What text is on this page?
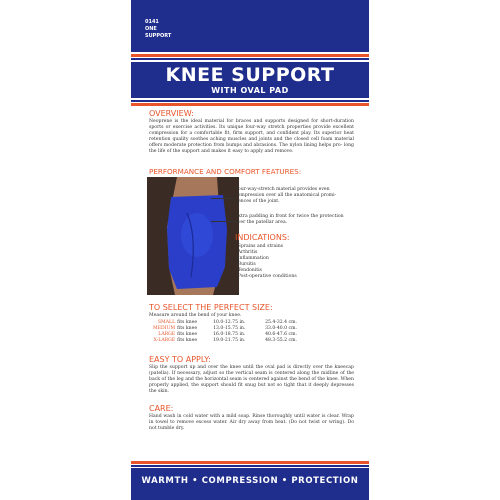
0141
ONE
SUPPORT
KNEE SUPPORT
WITH OVAL PAD
OVERVIEW:
Neoprene is the ideal material for braces and supports designed for short-duration sports or exercise activities. Its unique four-way stretch properties provide excellent compression for a comfortable fit, firm support, and confident play. Its superior heat retention quality soothes aching muscles and joints and the closed cell foam material offers moderate protection from bumps and abrasions. The nylon lining helps pro- long the life of the support and makes it easy to apply and remove.
PERFORMANCE AND COMFORT FEATURES:
Four-way-stretch material provides even compression over all the anatomical promi- nences of the joint.
Extra padding in front for twice the protection over the patellar area.
INDICATIONS:
• Sprains and strains
• Arthritis
• Inflammation
• Bursitis
• Tendonitis
• Post-operative conditions
TO SELECT THE PERFECT SIZE:
Measure around the bend of your knee.
SMALL	fits knee	10.0-12.75 in.	25.4-32.4 cm.
MEDIUM	fits knee	13.0-15.75 in.	33.0-40.0 cm.
LARGE	fits knee	16.0-18.75 in.	40.6-47.6 cm.
X-LARGE	fits knee	19.0-21.75 in.	48.3-55.2 cm.
EASY TO APPLY:
Slip the support up and over the knee until the oval pad is directly over the kneecap (patella). If necessary, adjust so the vertical seam is centered along the midline of the back of the leg and the horizontal seam is centered against the bend of the knee. When properly applied, the support should fit snug but not so tight that it deeply depresses the skin.
CARE:
Hand wash in cold water with a mild soap. Rinse thoroughly until water is clear. Wrap in towel to remove excess water. Air dry away from heat. (Do not twist or wring). Do not tumble dry.
WARMTH • COMPRESSION • PROTECTION
